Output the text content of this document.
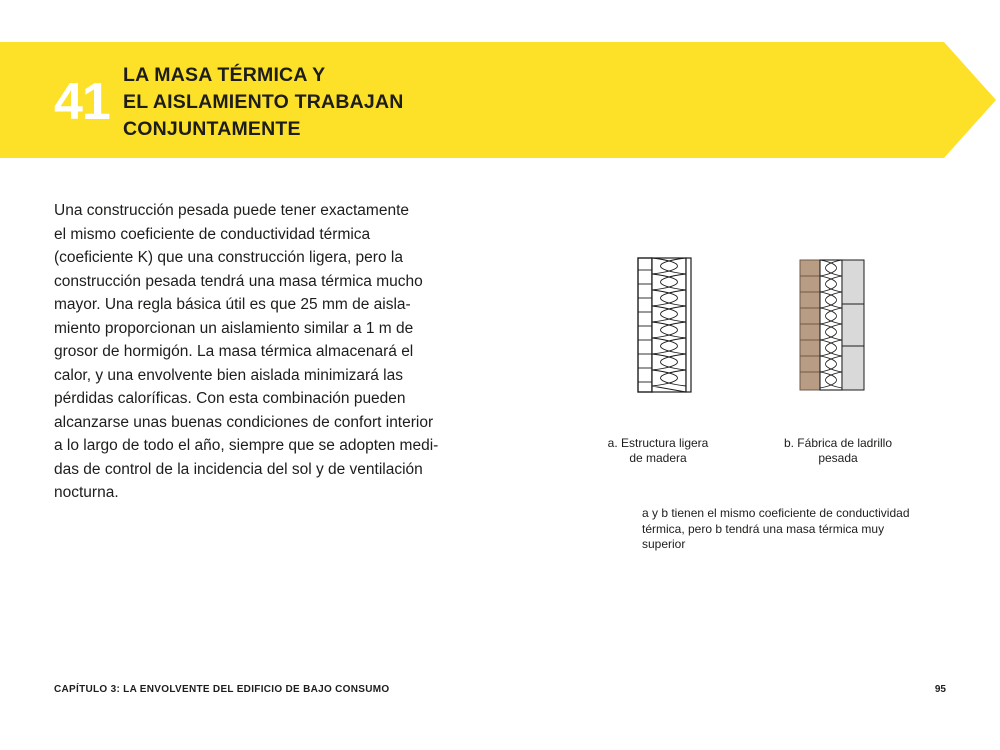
41 LA MASA TÉRMICA Y
EL AISLAMIENTO TRABAJAN
CONJUNTAMENTE
Una construcción pesada puede tener exactamente
el mismo coeficiente de conductividad térmica
(coeficiente K) que una construcción ligera, pero la
construcción pesada tendrá una masa térmica mucho
mayor. Una regla básica útil es que 25 mm de aisla-
miento proporcionan un aislamiento similar a 1 m de
grosor de hormigón. La masa térmica almacenará el
calor, y una envolvente bien aislada minimizará las
pérdidas caloríficas. Con esta combinación pueden
alcanzarse unas buenas condiciones de confort interior
a lo largo de todo el año, siempre que se adopten medi-
das de control de la incidencia del sol y de ventilación
nocturna.
a. Estructura ligera
de madera
b. Fábrica de ladrillo
pesada
a y b tienen el mismo coeficiente de conductividad
térmica, pero b tendrá una masa térmica muy
superior
CAPÍTULO 3: LA ENVOLVENTE DEL EDIFICIO DE BAJO CONSUMO	95
